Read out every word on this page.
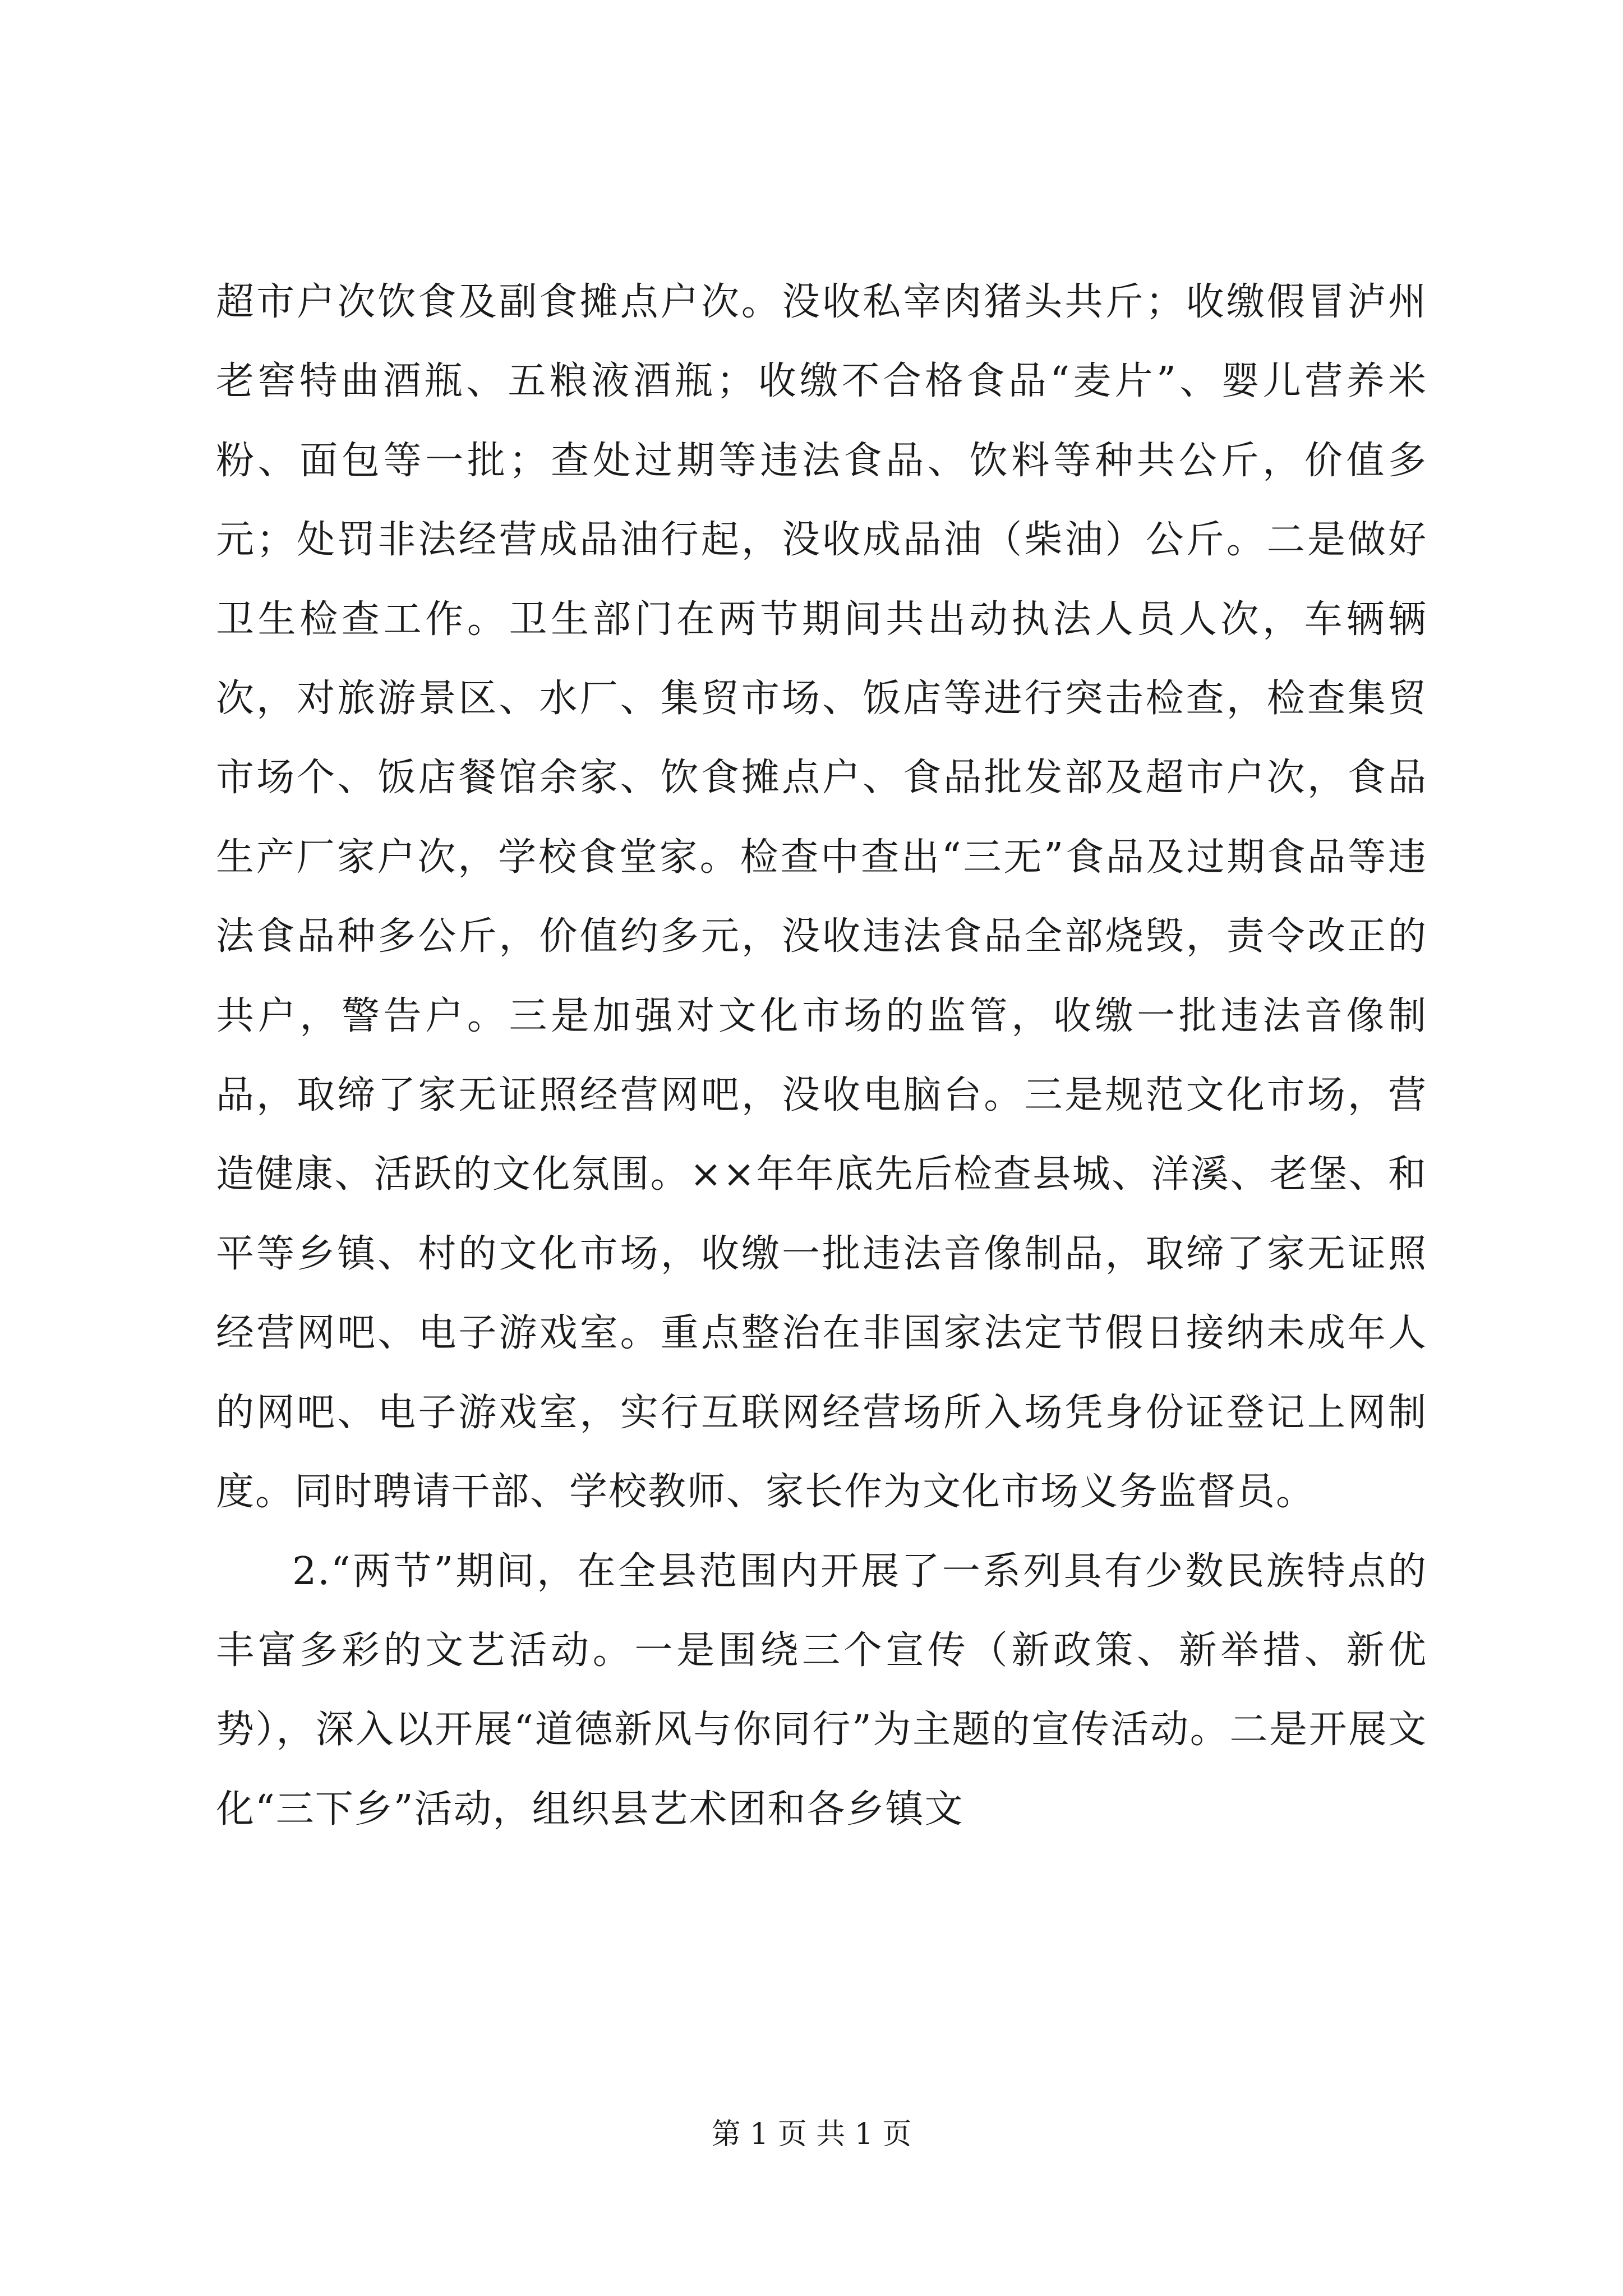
超市户次饮食及副食摊点户次。没收私宰肉猪头共斤；收缴假冒泸州老窖特曲酒瓶、五粮液酒瓶；收缴不合格食品“麦片”、婴儿营养米粉、面包等一批；查处过期等违法食品、饮料等种共公斤，价值多元；处罚非法经营成品油行起，没收成品油（柴油）公斤。二是做好卫生检查工作。卫生部门在两节期间共出动执法人员人次，车辆辆次，对旅游景区、水厂、集贸市场、饭店等进行突击检查，检查集贸市场个、饭店餐馆余家、饮食摊点户、食品批发部及超市户次，食品生产厂家户次，学校食堂家。检查中查出“三无”食品及过期食品等违法食品种多公斤，价值约多元，没收违法食品全部烧毁，责令改正的共户，警告户。三是加强对文化市场的监管，收缴一批违法音像制品，取缔了家无证照经营网吧，没收电脑台。三是规范文化市场，营造健康、活跃的文化氛围。××年年底先后检查县城、洋溪、老堡、和平等乡镇、村的文化市场，收缴一批违法音像制品，取缔了家无证照经营网吧、电子游戏室。重点整治在非国家法定节假日接纳未成年人的网吧、电子游戏室，实行互联网经营场所入场凭身份证登记上网制度。同时聘请干部、学校教师、家长作为文化市场义务监督员。

2.“两节”期间，在全县范围内开展了一系列具有少数民族特点的丰富多彩的文艺活动。一是围绕三个宣传（新政策、新举措、新优势），深入以开展“道德新风与你同行”为主题的宣传活动。二是开展文化“三下乡”活动，组织县艺术团和各乡镇文

第 1 页 共 1 页
